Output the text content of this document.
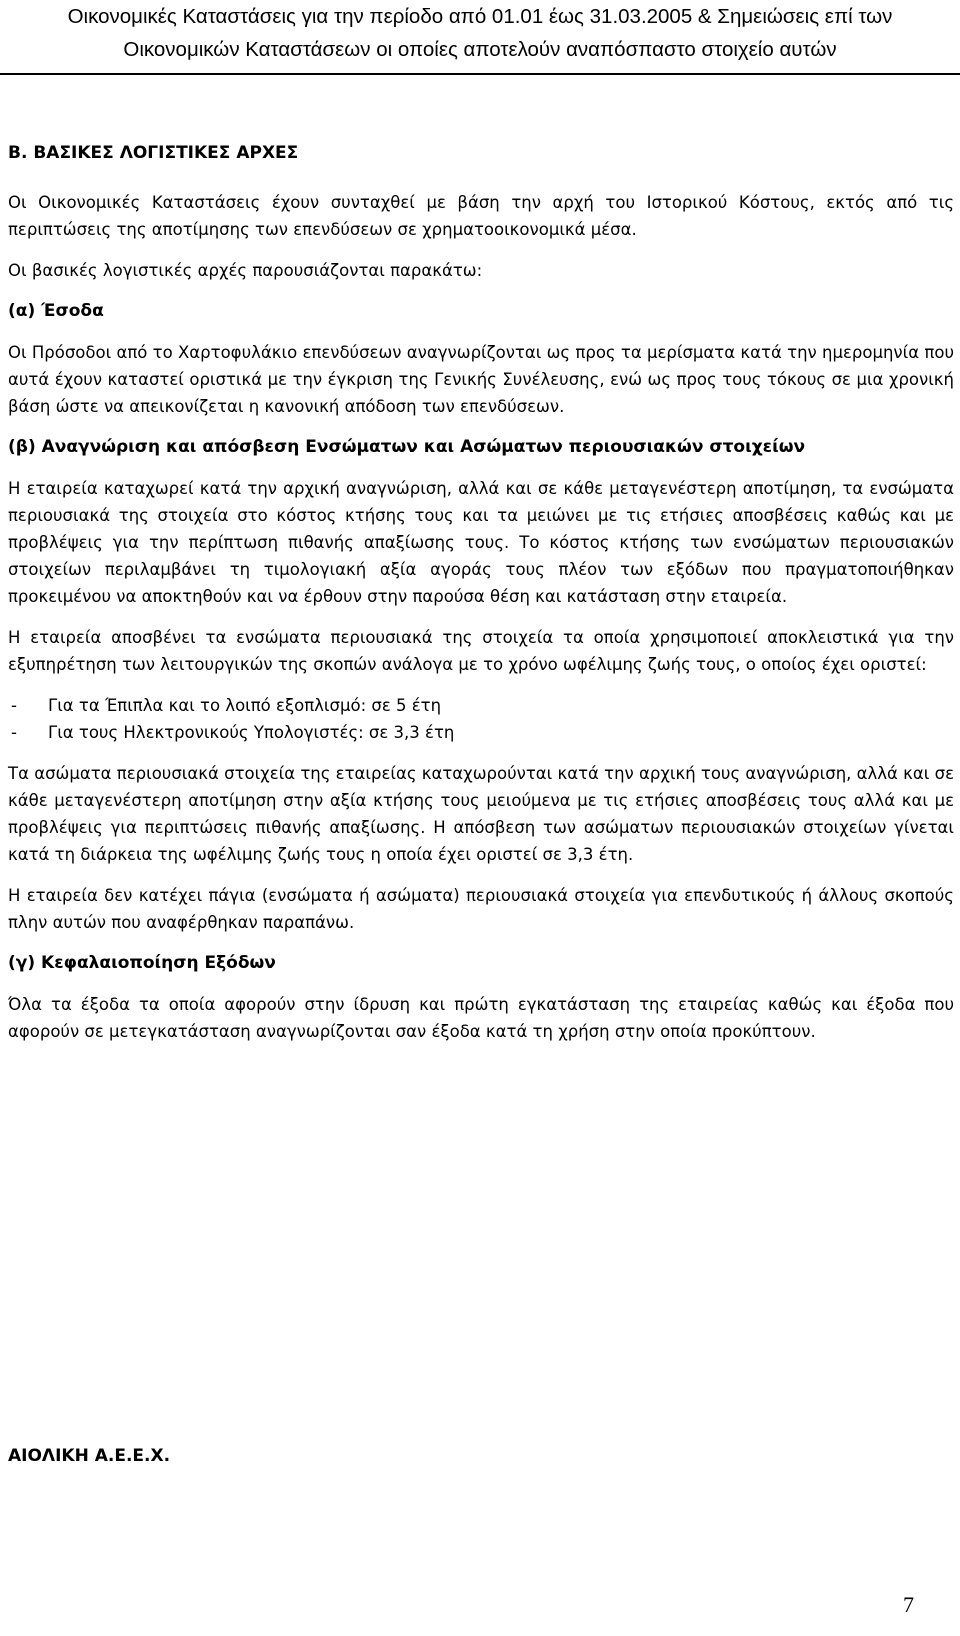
Οικονομικές Καταστάσεις για την περίοδο από 01.01 έως 31.03.2005 & Σημειώσεις επί των
Οικονομικών Καταστάσεων οι οποίες αποτελούν αναπόσπαστο στοιχείο αυτών

Β. ΒΑΣΙΚΕΣ ΛΟΓΙΣΤΙΚΕΣ ΑΡΧΕΣ

Οι Οικονομικές Καταστάσεις έχουν συνταχθεί με βάση την αρχή του Ιστορικού Κόστους, εκτός από τις περιπτώσεις της αποτίμησης των επενδύσεων σε χρηματοοικονομικά μέσα.

Οι βασικές λογιστικές αρχές παρουσιάζονται παρακάτω:

(α) Έσοδα

Οι Πρόσοδοι από το Χαρτοφυλάκιο επενδύσεων αναγνωρίζονται ως προς τα μερίσματα κατά την ημερομηνία που αυτά έχουν καταστεί οριστικά με την έγκριση της Γενικής Συνέλευσης, ενώ ως προς τους τόκους σε μια χρονική βάση ώστε να απεικονίζεται η κανονική απόδοση των επενδύσεων.

(β) Αναγνώριση και απόσβεση Ενσώματων και Ασώματων περιουσιακών στοιχείων

Η εταιρεία καταχωρεί κατά την αρχική αναγνώριση, αλλά και σε κάθε μεταγενέστερη αποτίμηση, τα ενσώματα περιουσιακά της στοιχεία στο κόστος κτήσης τους και τα μειώνει με τις ετήσιες αποσβέσεις καθώς και με προβλέψεις για την περίπτωση πιθανής απαξίωσης τους. Το κόστος κτήσης των ενσώματων περιουσιακών στοιχείων περιλαμβάνει τη τιμολογιακή αξία αγοράς τους πλέον των εξόδων που πραγματοποιήθηκαν προκειμένου να αποκτηθούν και να έρθουν στην παρούσα θέση και κατάσταση στην εταιρεία.

Η εταιρεία αποσβένει τα ενσώματα περιουσιακά της στοιχεία τα οποία χρησιμοποιεί αποκλειστικά για την εξυπηρέτηση των λειτουργικών της σκοπών ανάλογα με το χρόνο ωφέλιμης ζωής τους, ο οποίος έχει οριστεί:

-	Για τα Έπιπλα και το λοιπό εξοπλισμό: σε 5 έτη
-	Για τους Ηλεκτρονικούς Υπολογιστές: σε 3,3 έτη

Τα ασώματα περιουσιακά στοιχεία της εταιρείας καταχωρούνται κατά την αρχική τους αναγνώριση, αλλά και σε κάθε μεταγενέστερη αποτίμηση στην αξία κτήσης τους μειούμενα με τις ετήσιες αποσβέσεις τους αλλά και με προβλέψεις για περιπτώσεις πιθανής απαξίωσης. Η απόσβεση των ασώματων περιουσιακών στοιχείων γίνεται κατά τη διάρκεια της ωφέλιμης ζωής τους η οποία έχει οριστεί σε 3,3 έτη.

Η εταιρεία δεν κατέχει πάγια (ενσώματα ή ασώματα) περιουσιακά στοιχεία για επενδυτικούς ή άλλους σκοπούς πλην αυτών που αναφέρθηκαν παραπάνω.

(γ) Κεφαλαιοποίηση Εξόδων

Όλα τα έξοδα τα οποία αφορούν στην ίδρυση και πρώτη εγκατάσταση της εταιρείας καθώς και έξοδα που αφορούν σε μετεγκατάσταση αναγνωρίζονται σαν έξοδα κατά τη χρήση στην οποία προκύπτουν.

ΑΙΟΛΙΚΗ Α.Ε.Ε.Χ.
7
